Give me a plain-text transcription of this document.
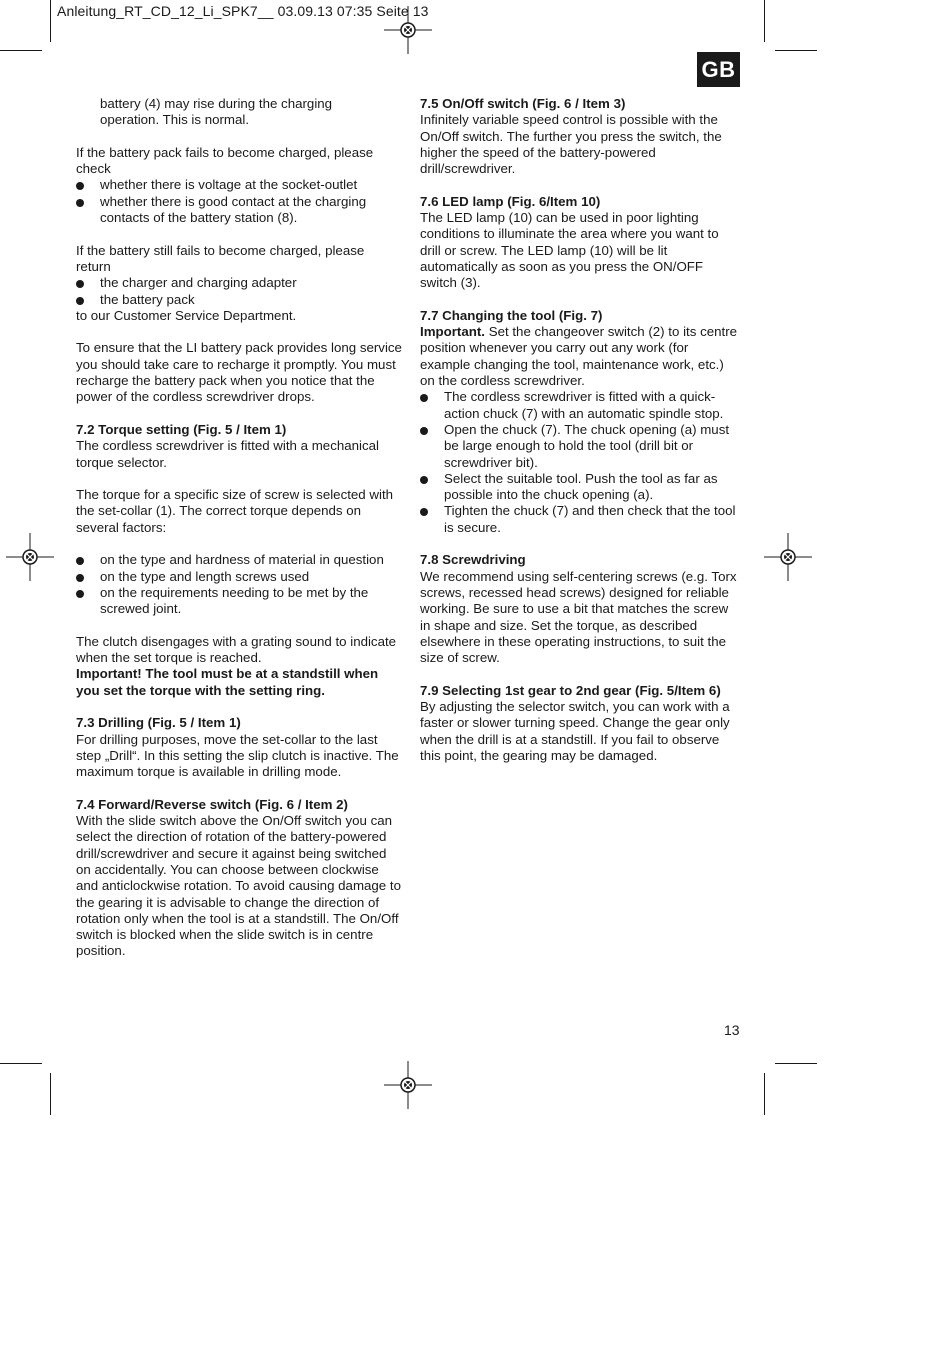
Anleitung_RT_CD_12_Li_SPK7__ 03.09.13 07:35 Seite 13
GB

battery (4) may rise during the charging

operation. This is normal.

If the battery pack fails to become charged, please check

whether there is voltage at the socket-outlet
whether there is good contact at the charging contacts of the battery station (8).

If the battery still fails to become charged, please return

the charger and charging adapter
the battery pack

to our Customer Service Department.

To ensure that the LI battery pack provides long service you should take care to recharge it promptly. You must recharge the battery pack when you notice that the power of the cordless screwdriver drops.

7.2 Torque setting (Fig. 5 / Item 1)

The cordless screwdriver is fitted with a mechanical torque selector.

The torque for a specific size of screw is selected with the set-collar (1). The correct torque depends on several factors:

on the type and hardness of material in question
on the type and length screws used
on the requirements needing to be met by the screwed joint.

The clutch disengages with a grating sound to indicate when the set torque is reached.

Important! The tool must be at a standstill when you set the torque with the setting ring.

7.3 Drilling (Fig. 5 / Item 1)

For drilling purposes, move the set-collar to the last step „Drill“. In this setting the slip clutch is inactive. The maximum torque is available in drilling mode.

7.4 Forward/Reverse switch (Fig. 6 / Item 2)

With the slide switch above the On/Off switch you can select the direction of rotation of the battery-powered drill/screwdriver and secure it against being switched on accidentally. You can choose between clockwise and anticlockwise rotation. To avoid causing damage to the gearing it is advisable to change the direction of rotation only when the tool is at a standstill. The On/Off switch is blocked when the slide switch is in centre position.

7.5 On/Off switch (Fig. 6 / Item 3)

Infinitely variable speed control is possible with the On/Off switch. The further you press the switch, the higher the speed of the battery-powered drill/screwdriver.

7.6 LED lamp (Fig. 6/Item 10)

The LED lamp (10) can be used in poor lighting conditions to illuminate the area where you want to drill or screw. The LED lamp (10) will be lit automatically as soon as you press the ON/OFF switch (3).

7.7 Changing the tool (Fig. 7)

Important. Set the changeover switch (2) to its centre position whenever you carry out any work (for example changing the tool, maintenance work, etc.) on the cordless screwdriver.

The cordless screwdriver is fitted with a quick-action chuck (7) with an automatic spindle stop.
Open the chuck (7). The chuck opening (a) must be large enough to hold the tool (drill bit or screwdriver bit).
Select the suitable tool. Push the tool as far as possible into the chuck opening (a).
Tighten the chuck (7) and then check that the tool is secure.

7.8 Screwdriving

We recommend using self-centering screws (e.g. Torx screws, recessed head screws) designed for reliable working. Be sure to use a bit that matches the screw in shape and size. Set the torque, as described elsewhere in these operating instructions, to suit the size of screw.

7.9 Selecting 1st gear to 2nd gear (Fig. 5/Item 6)

By adjusting the selector switch, you can work with a faster or slower turning speed. Change the gear only when the drill is at a standstill. If you fail to observe this point, the gearing may be damaged.

13
